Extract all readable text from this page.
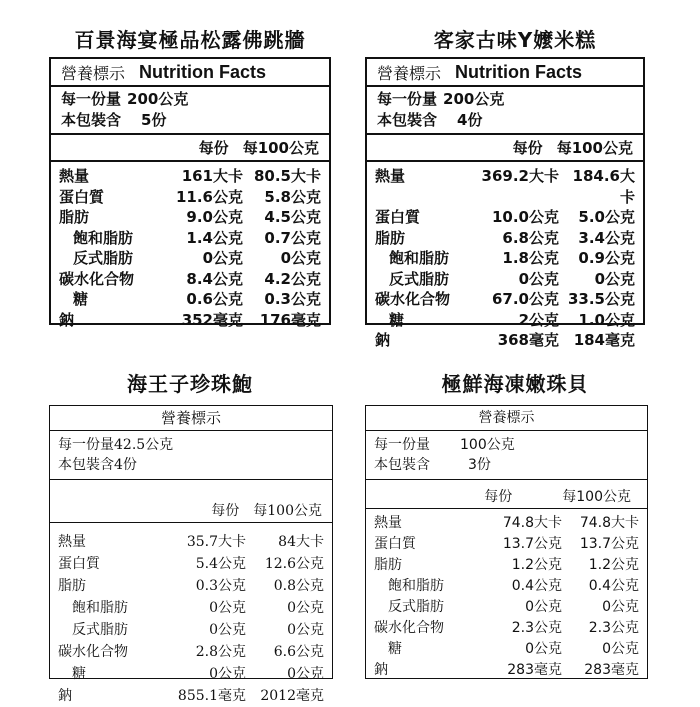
百景海宴極品松露佛跳牆	客家古味Y嬤米糕
海王子珍珠鮑	極鮮海凍嫩珠貝
營養標示 Nutrition Facts
每一份量 200公克
本包裝含 5份
每份 每100公克
熱量	161大卡 80.5大卡
蛋白質	11.6公克	5.8公克
脂肪	9.0公克	4.5公克
飽和脂肪	1.4公克	0.7公克
反式脂肪	0公克	0公克
碳水化合物	8.4公克	4.2公克
糖	0.6公克	0.3公克
鈉	352毫克	176毫克
營養標示 Nutrition Facts
每一份量 200公克
本包裝含 4份
每份 每100公克
熱量	369.2大卡 184.6大卡
蛋白質	10.0公克	5.0公克
脂肪	6.8公克	3.4公克
飽和脂肪	1.8公克	0.9公克
反式脂肪	0公克	0公克
碳水化合物	67.0公克 33.5公克
糖	2公克	1.0公克
鈉	368毫克 184毫克
營養標示
每一份量42.5公克
本包裝含4份
每份 每100公克
熱量	35.7大卡	84大卡
蛋白質	5.4公克	12.6公克
脂肪	0.3公克	0.8公克
飽和脂肪	0公克	0公克
反式脂肪	0公克	0公克
碳水化合物	2.8公克	6.6公克
糖	0公克	0公克
鈉	855.1毫克	2012毫克
營養標示
每一份量 100公克
本包裝含	3份
每份	每100公克
熱量	74.8大卡	74.8大卡
蛋白質	13.7公克	13.7公克
脂肪	1.2公克	1.2公克
飽和脂肪	0.4公克	0.4公克
反式脂肪	0公克	0公克
碳水化合物	2.3公克	2.3公克
糖	0公克	0公克
鈉	283毫克	283毫克
